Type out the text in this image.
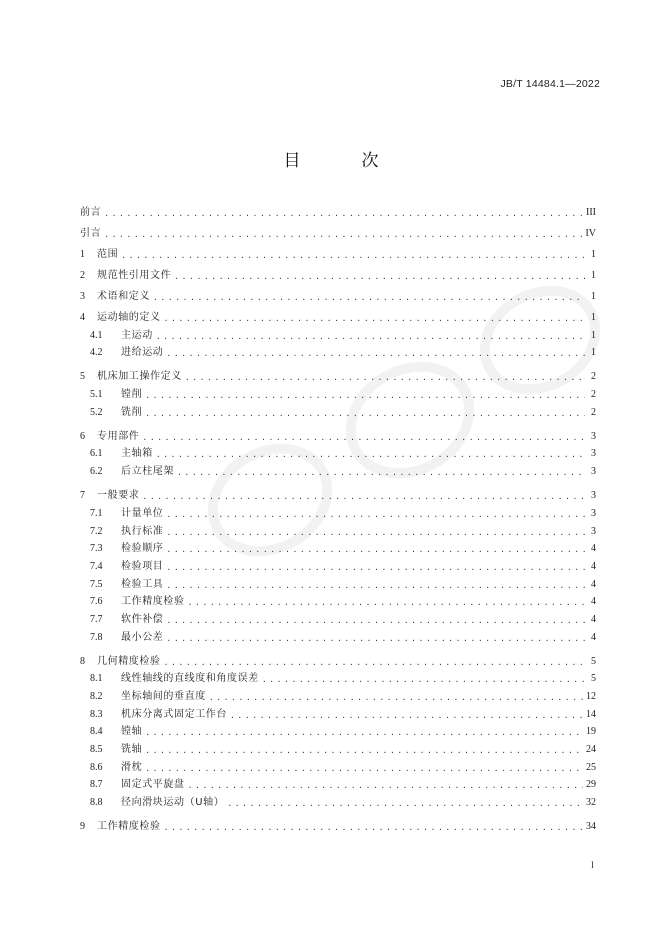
JB/T 14484.1—2022
目　次
前言 .....	III
引言 .....	IV
1	范围 .....	1
2	规范性引用文件 .....	1
3	术语和定义 .....	1
4	运动轴的定义 .....	1
4.1	主运动 .....	1
4.2	进给运动 .....	1
5	机床加工操作定义 .....	2
5.1	镗削 .....	2
5.2	铣削 .....	2
6	专用部件 .....	3
6.1	主轴箱 .....	3
6.2	后立柱尾架 .....	3
7	一般要求 .....	3
7.1	计量单位 .....	3
7.2	执行标准 .....	3
7.3	检验顺序 .....	4
7.4	检验项目 .....	4
7.5	检验工具 .....	4
7.6	工作精度检验 .....	4
7.7	软件补偿 .....	4
7.8	最小公差 .....	4
8	几何精度检验 .....	5
8.1	线性轴线的直线度和角度误差 .....	5
8.2	坐标轴间的垂直度 .....	12
8.3	机床分离式固定工作台 .....	14
8.4	镗轴 .....	19
8.5	铣轴 .....	24
8.6	滑枕 .....	25
8.7	固定式平旋盘 .....	29
8.8	径向滑块运动（U轴） .....	32
9	工作精度检验 .....	34
I
